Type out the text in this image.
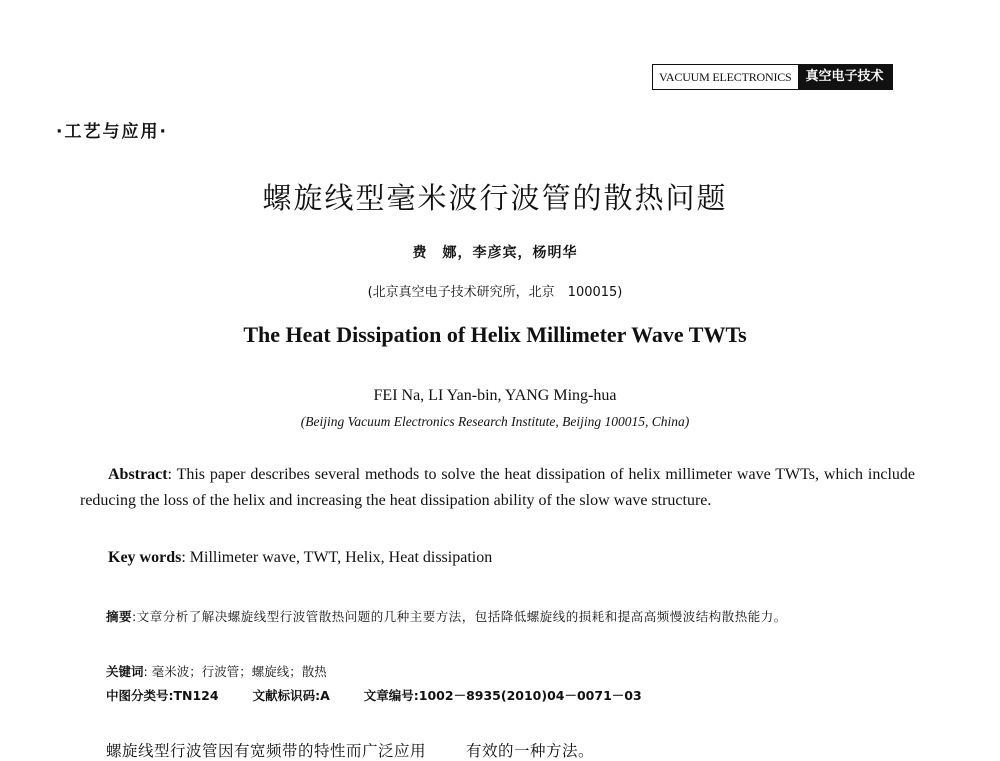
VACUUM ELECTRONICS	真空电子技术
·工艺与应用·
螺旋线型毫米波行波管的散热问题
费　娜，李彦宾，杨明华
(北京真空电子技术研究所，北京　100015)
The Heat Dissipation of Helix Millimeter Wave TWTs
FEI Na, LI Yan-bin, YANG Ming-hua
(Beijing Vacuum Electronics Research Institute, Beijing 100015, China)
Abstract: This paper describes several methods to solve the heat dissipation of helix millimeter wave TWTs, which include reducing the loss of the helix and increasing the heat dissipation ability of the slow wave structure.
Key words: Millimeter wave, TWT, Helix, Heat dissipation
摘要:文章分析了解决螺旋线型行波管散热问题的几种主要方法，包括降低螺旋线的损耗和提高高频慢波结构散热能力。
关键词: 毫米波；行波管；螺旋线；散热
中图分类号:TN124	文献标识码:A	文章编号:1002－8935(2010)04－0071－03
螺旋线型行波管因有宽频带的特性而广泛应用	有效的一种方法。
